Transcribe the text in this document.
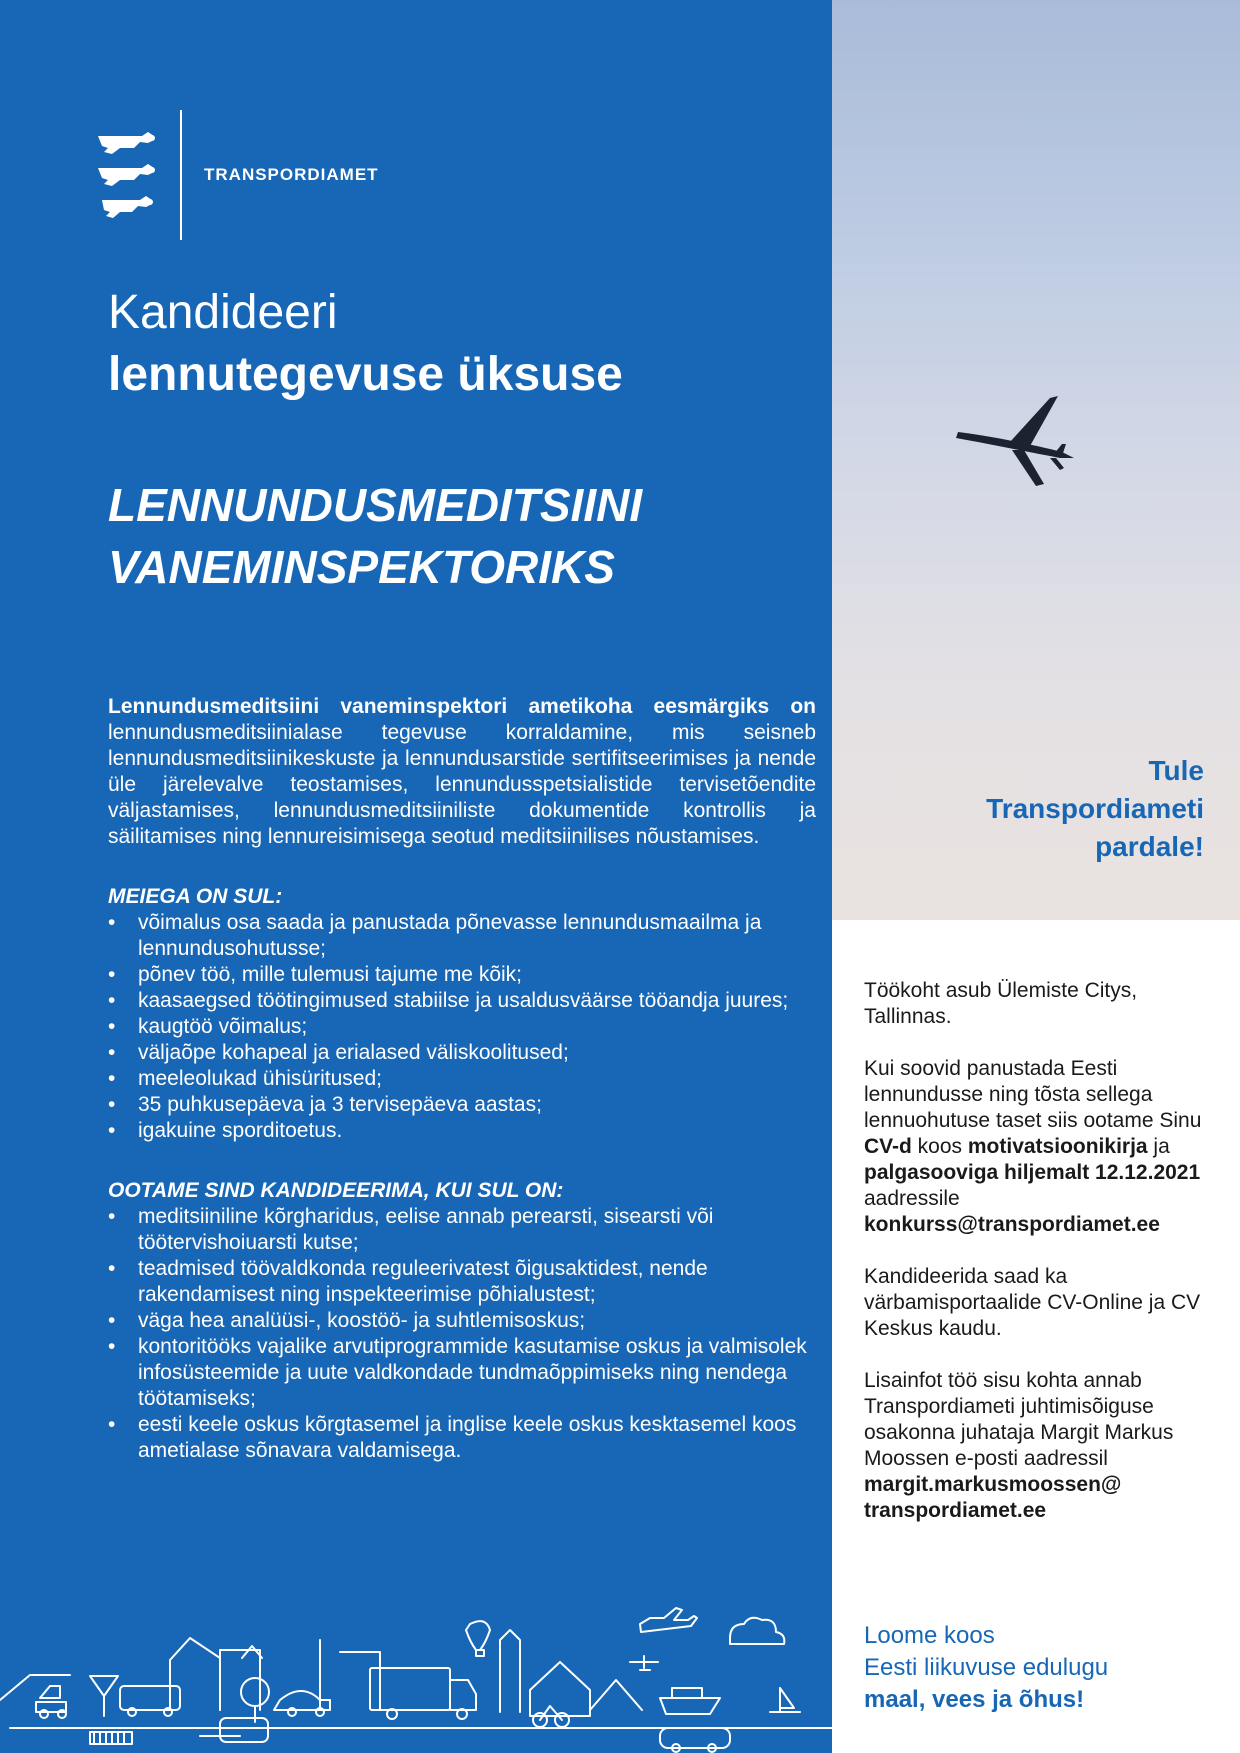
TRANSPORDIAMET
Kandideeri
lennutegevuse üksuse
LENNUNDUSMEDITSIINI
VANEMINSPEKTORIKS

Lennundusmeditsiini vaneminspektori ametikoha eesmärgiks on lennundusmeditsiinialase tegevuse korraldamine, mis seisneb lennundusmeditsiinikeskuste ja lennundusarstide sertifitseerimises ja nende üle järelevalve teostamises, lennundusspetsialistide tervisetõendite väljastamises, lennundusmeditsiiniliste dokumentide kontrollis ja säilitamises ning lennureisimisega seotud meditsiinilises nõustamises.

MEIEGA ON SUL:
• võimalus osa saada ja panustada põnevasse lennundusmaailma ja lennundusohutusse;
• põnev töö, mille tulemusi tajume me kõik;
• kaasaegsed töötingimused stabiilse ja usaldusväärse tööandja juures;
• kaugtöö võimalus;
• väljaõpe kohapeal ja erialased väliskoolitused;
• meeleolukad ühisüritused;
• 35 puhkusepäeva ja 3 tervisepäeva aastas;
• igakuine sporditoetus.
OOTAME SIND KANDIDEERIMA, KUI SUL ON:
• meditsiiniline kõrgharidus, eelise annab perearsti, sisearsti või töötervishoiuarsti kutse;
• teadmised töövaldkonda reguleerivatest õigusaktidest, nende rakendamisest ning inspekteerimise põhialustest;
• väga hea analüüsi-, koostöö- ja suhtlemisoskus;
• kontoritööks vajalike arvutiprogrammide kasutamise oskus ja valmisolek infosüsteemide ja uute valdkondade tundmaõppimiseks ning nendega töötamiseks;
• eesti keele oskus kõrgtasemel ja inglise keele oskus kesktasemel koos ametialase sõnavara valdamisega.
Tule
Transpordiameti
pardale!

Töökoht asub Ülemiste Citys, Tallinnas.

Kui soovid panustada Eesti lennundusse ning tõsta sellega lennuohutuse taset siis ootame Sinu CV-d koos motivatsioonikirja ja palgasooviga hiljemalt 12.12.2021 aadressile konkurss@transpordiamet.ee

Kandideerida saad ka värbamisportaalide CV-Online ja CV Keskus kaudu.

Lisainfot töö sisu kohta annab Transpordiameti juhtimisõiguse osakonna juhataja Margit Markus Moossen e-posti aadressil margit.markusmoossen@
transpordiamet.ee

Loome koos
Eesti liikuvuse edulugu
maal, vees ja õhus!
